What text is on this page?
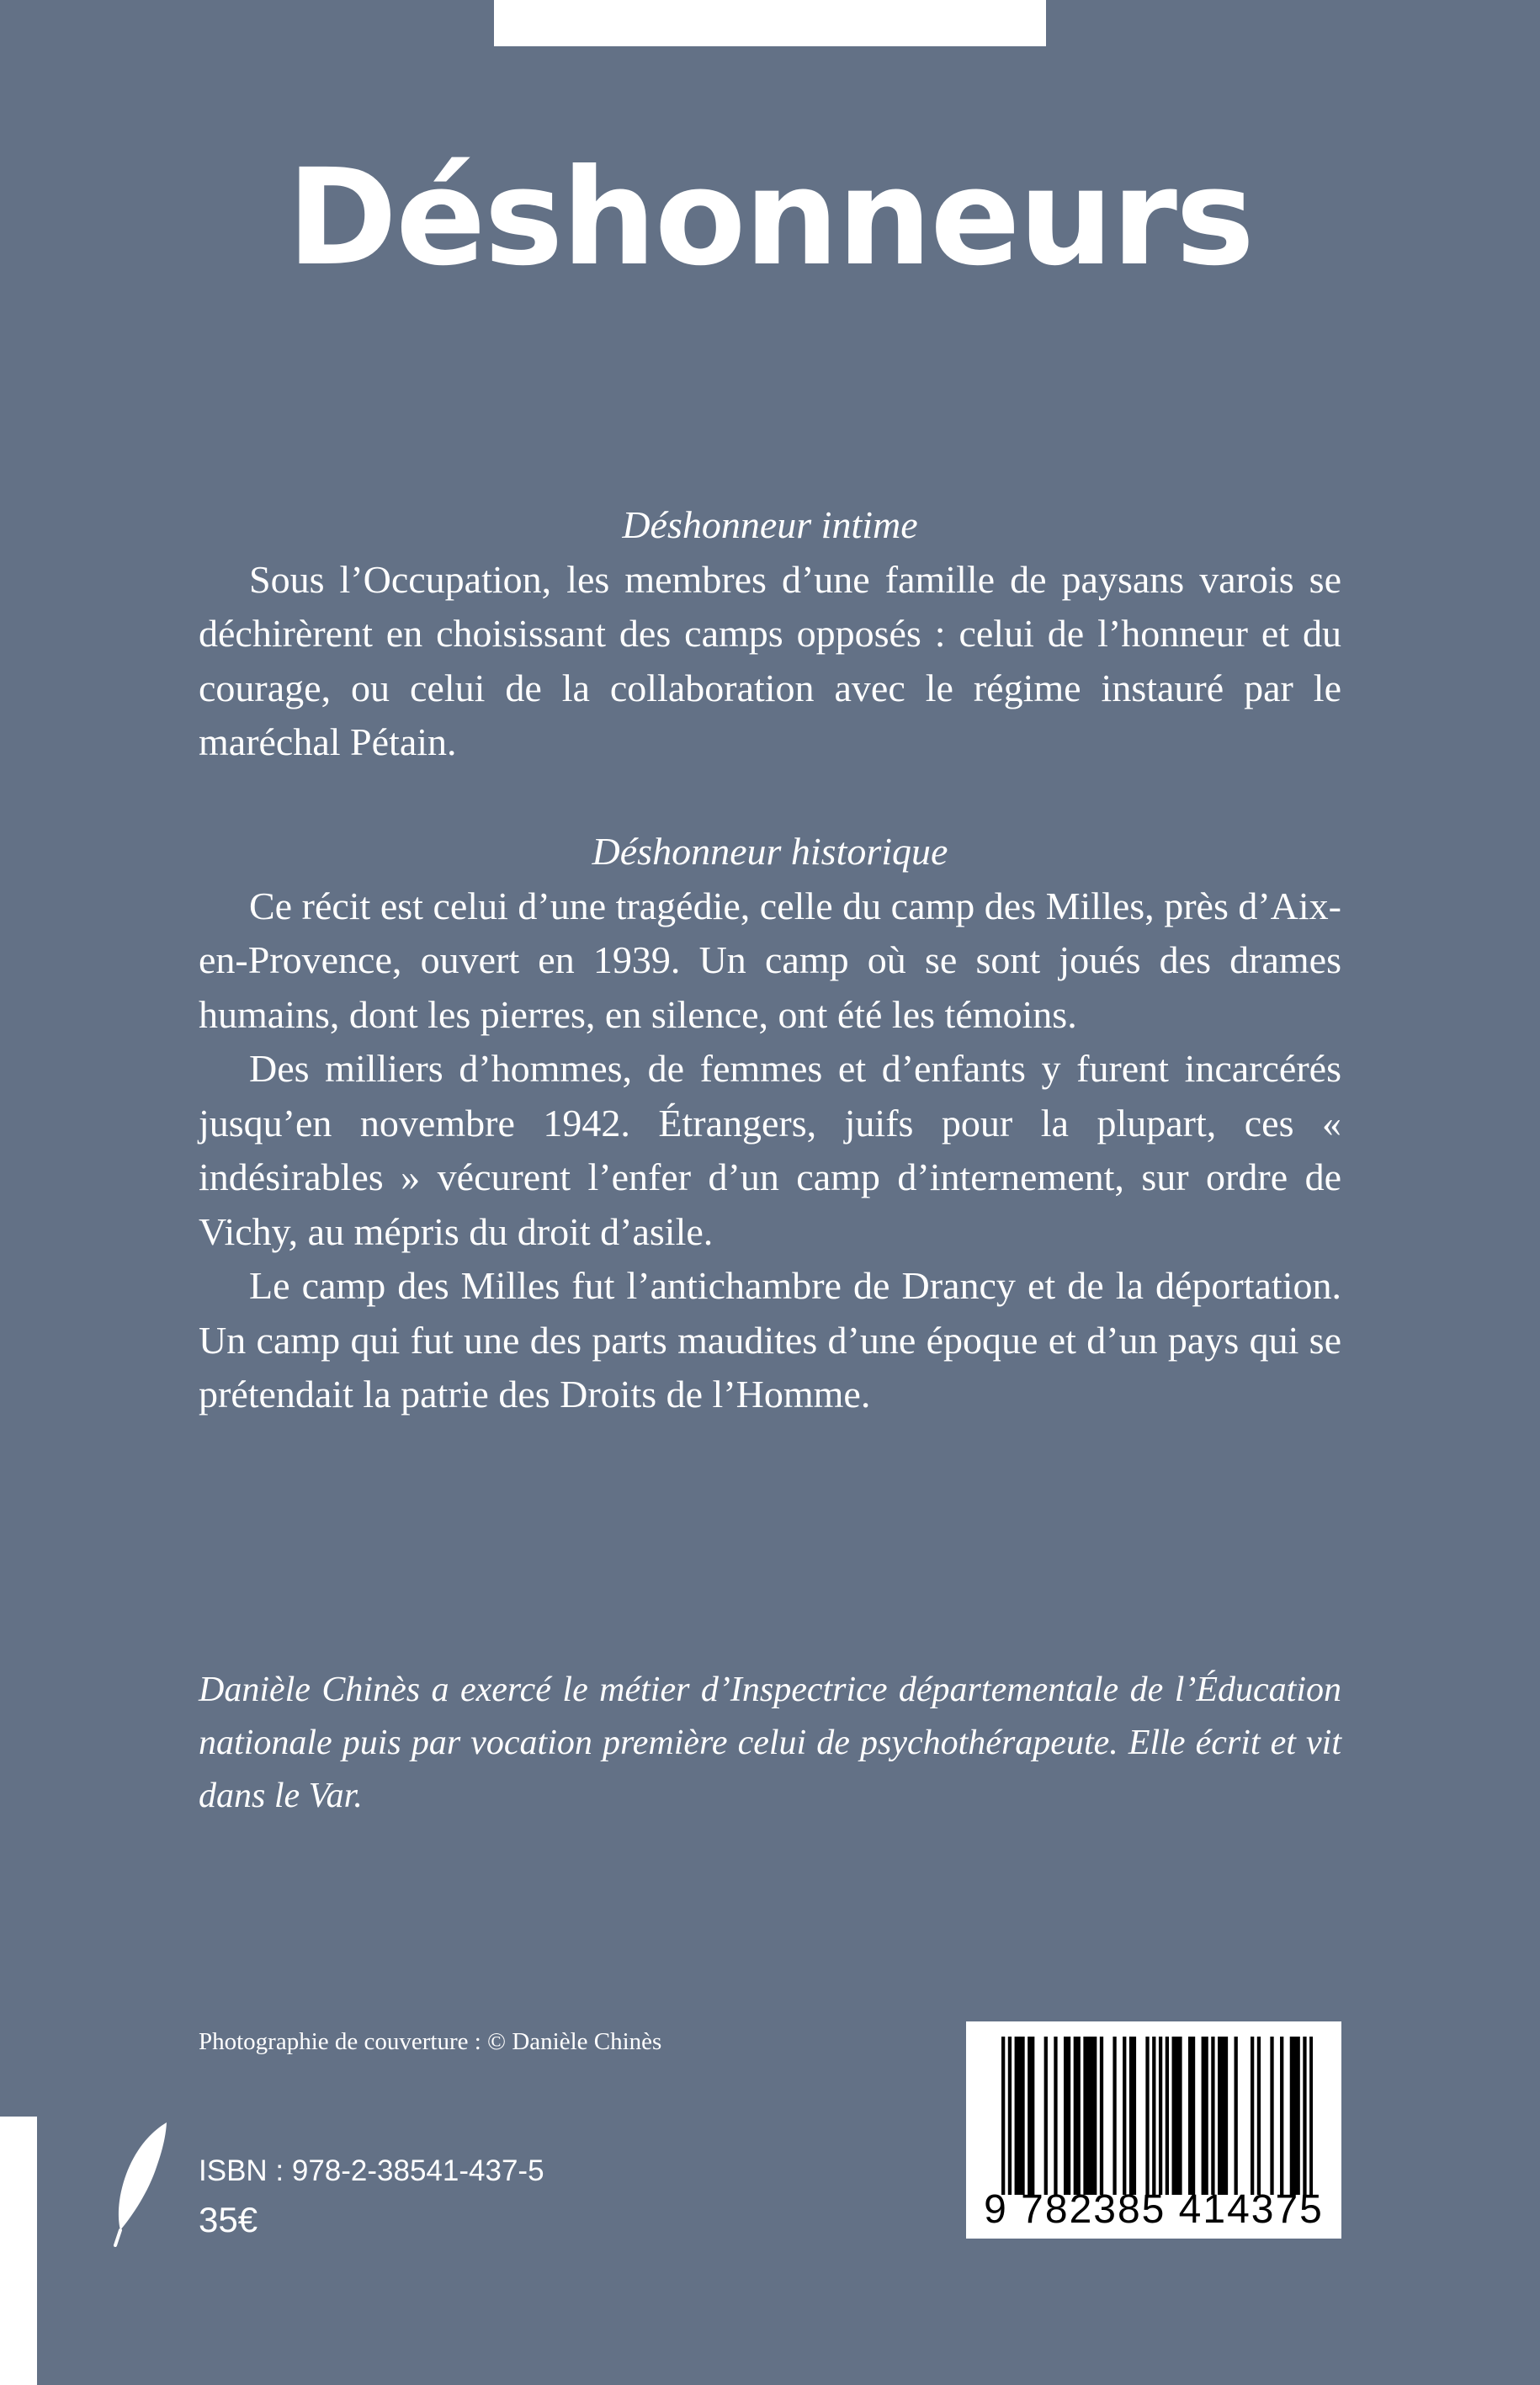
Déshonneurs
Déshonneur intime

Sous l’Occupation, les membres d’une famille de paysans varois se déchirèrent en choisissant des camps opposés : celui de l’honneur et du courage, ou celui de la collaboration avec le régime instauré par le maréchal Pétain.

Déshonneur historique

Ce récit est celui d’une tragédie, celle du camp des Milles, près d’Aix-en-Provence, ouvert en 1939. Un camp où se sont joués des drames humains, dont les pierres, en silence, ont été les témoins.

Des milliers d’hommes, de femmes et d’enfants y furent incarcérés jusqu’en novembre 1942. Étrangers, juifs pour la plupart, ces « indésirables » vécurent l’enfer d’un camp d’internement, sur ordre de Vichy, au mépris du droit d’asile.

Le camp des Milles fut l’antichambre de Drancy et de la déportation. Un camp qui fut une des parts maudites d’une époque et d’un pays qui se prétendait la patrie des Droits de l’Homme.

Danièle Chinès a exercé le métier d’Inspectrice départementale de l’Éducation nationale puis par vocation première celui de psychothérapeute. Elle écrit et vit dans le Var.

Photographie de couverture : © Danièle Chinès

ISBN : 978-2-38541-437-5

35€	9 782385 414375
